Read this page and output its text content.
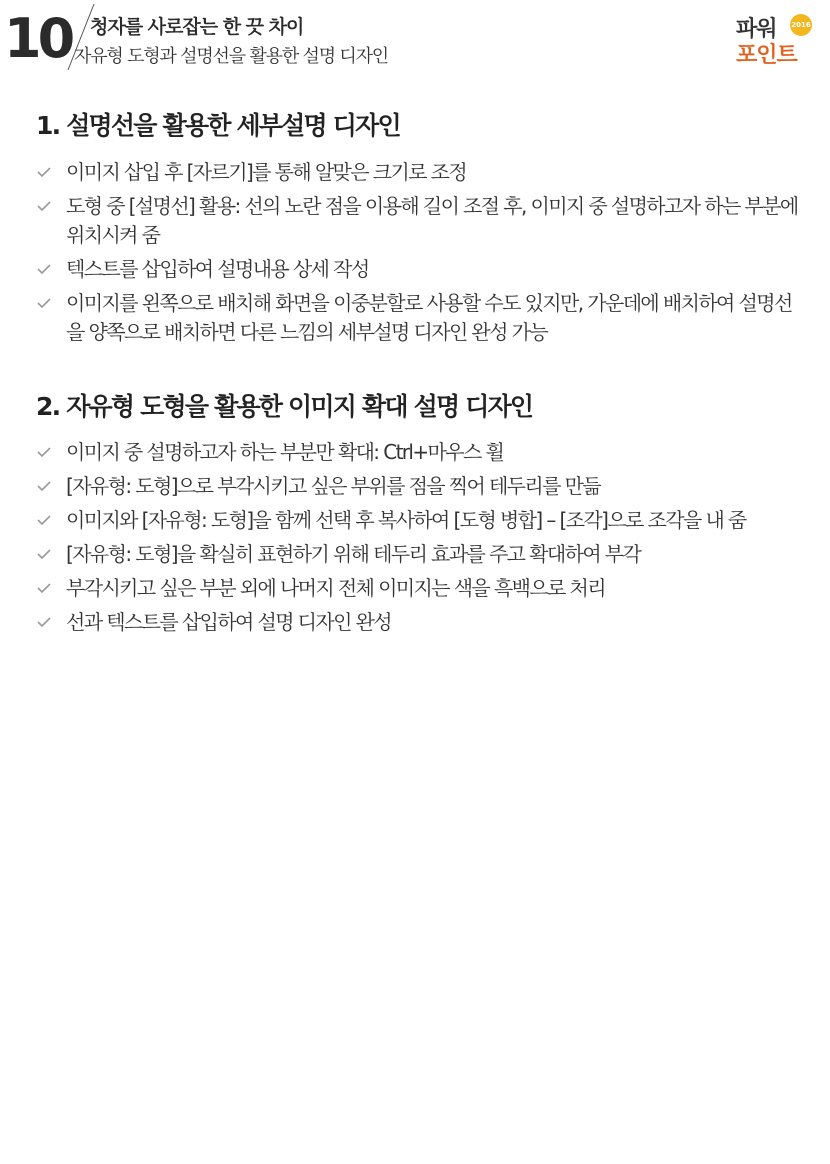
10 청자를 사로잡는 한 끗 차이
자유형 도형과 설명선을 활용한 설명 디자인
파워
포인트
2016
1. 설명선을 활용한 세부설명 디자인
이미지 삽입 후 [자르기]를 통해 알맞은 크기로 조정
도형 중 [설명선] 활용: 선의 노란 점을 이용해 길이 조절 후, 이미지 중 설명하고자 하는 부분에 위치시켜 줌
텍스트를 삽입하여 설명내용 상세 작성
이미지를 왼쪽으로 배치해 화면을 이중분할로 사용할 수도 있지만, 가운데에 배치하여 설명선을 양쪽으로 배치하면 다른 느낌의 세부설명 디자인 완성 가능
2. 자유형 도형을 활용한 이미지 확대 설명 디자인
이미지 중 설명하고자 하는 부분만 확대: Ctrl+마우스 휠
[자유형: 도형]으로 부각시키고 싶은 부위를 점을 찍어 테두리를 만듦
이미지와 [자유형: 도형]을 함께 선택 후 복사하여 [도형 병합] – [조각]으로 조각을 내 줌
[자유형: 도형]을 확실히 표현하기 위해 테두리 효과를 주고 확대하여 부각
부각시키고 싶은 부분 외에 나머지 전체 이미지는 색을 흑백으로 처리
선과 텍스트를 삽입하여 설명 디자인 완성
